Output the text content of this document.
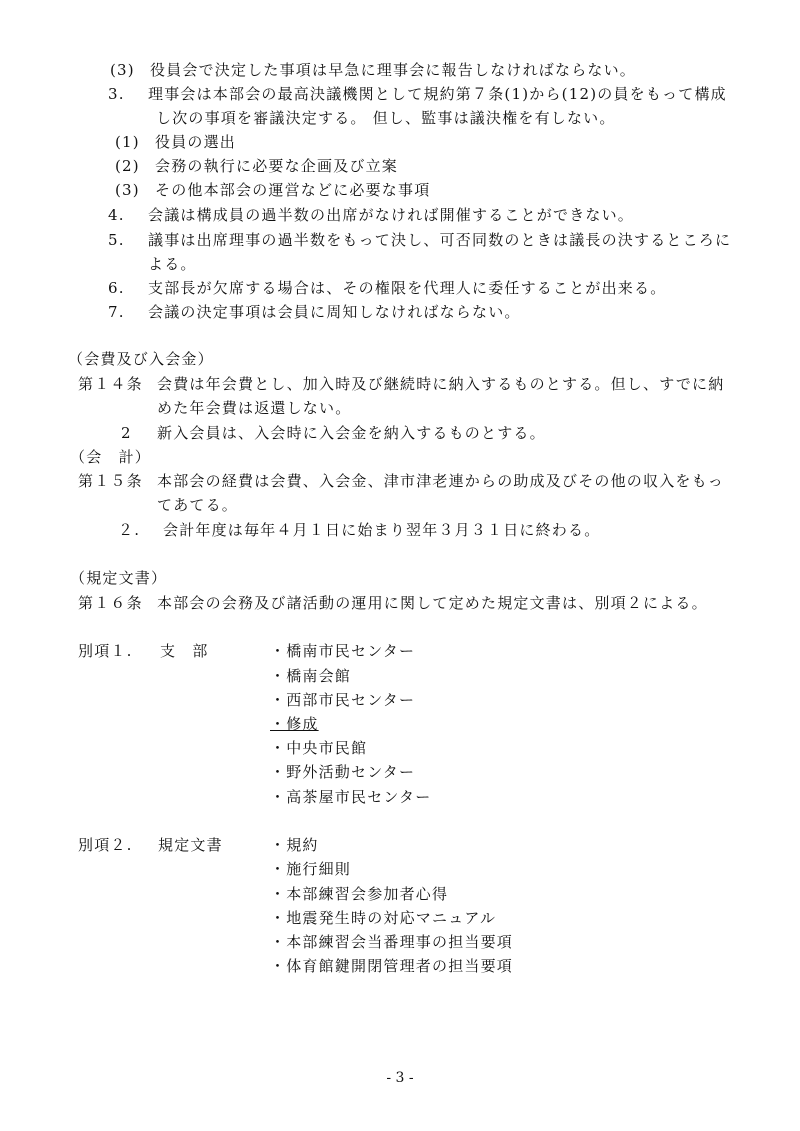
(3) 役員会で決定した事項は早急に理事会に報告しなければならない。
3. 理事会は本部会の最高決議機関として規約第７条(1)から(12)の員をもって構成
し次の事項を審議決定する。 但し、監事は議決権を有しない。
(1) 役員の選出
(2) 会務の執行に必要な企画及び立案
(3) その他本部会の運営などに必要な事項
4. 会議は構成員の過半数の出席がなければ開催することができない。
5. 議事は出席理事の過半数をもって決し、可否同数のときは議長の決するところに
よる。
6. 支部長が欠席する場合は、その権限を代理人に委任することが出来る。
7. 会議の決定事項は会員に周知しなければならない。
（会費及び入会金）
第１４条 会費は年会費とし、加入時及び継続時に納入するものとする。但し、すでに納
めた年会費は返還しない。
2 新入会員は、入会時に入会金を納入するものとする。
（会　計）
第１５条 本部会の経費は会費、入会金、津市津老連からの助成及びその他の収入をもっ
てあてる。
２. 会計年度は毎年４月１日に始まり翌年３月３１日に終わる。
（規定文書）
第１６条 本部会の会務及び諸活動の運用に関して定めた規定文書は、別項２による。
別項１. 支　部	・橋南市民センター
・橋南会館
・西部市民センター
・修成
・中央市民館
・野外活動センター
・高茶屋市民センター
別項２. 規定文書	・規約
・施行細則
・本部練習会参加者心得
・地震発生時の対応マニュアル
・本部練習会当番理事の担当要項
・体育館鍵開閉管理者の担当要項
- 3 -
